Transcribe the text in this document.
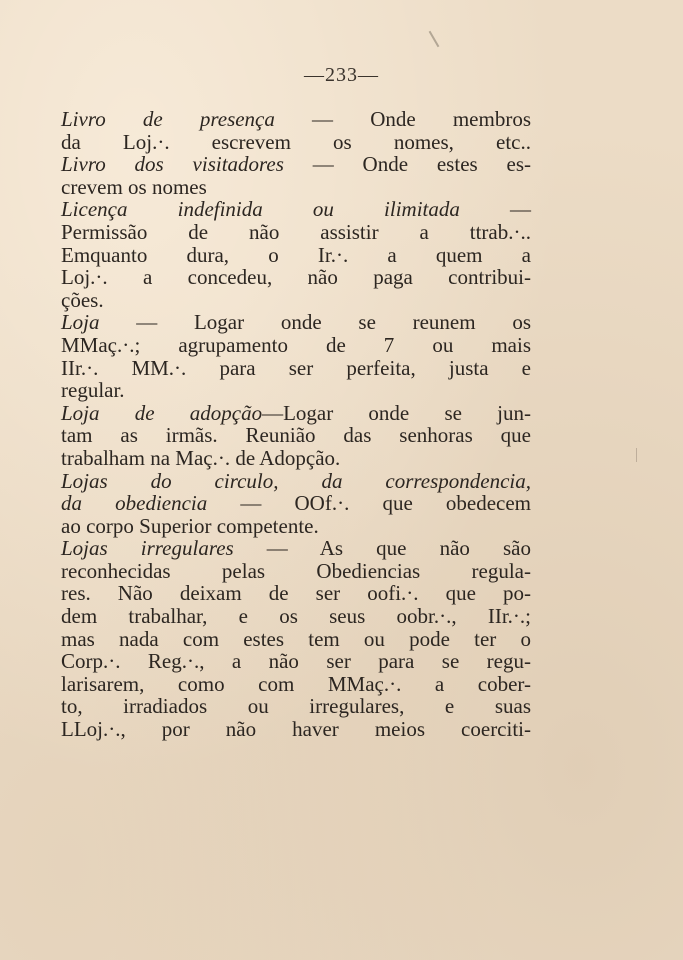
—233—
Livro de presença — Onde membros
da Loj.·. escrevem os nomes, etc..
Livro dos visitadores — Onde estes es-
crevem os nomes
Licença indefinida ou ilimitada —
Permissão de não assistir a ttrab.·..
Emquanto dura, o Ir.·. a quem a
Loj.·. a concedeu, não paga contribui-
ções.
Loja — Logar onde se reunem os
MMaç.·.; agrupamento de 7 ou mais
IIr.·. MM.·. para ser perfeita, justa e
regular.
Loja de adopção—Logar onde se jun-
tam as irmãs. Reunião das senhoras que
trabalham na Maç.·. de Adopção.
Lojas do circulo, da correspondencia,
da obediencia — OOf.·. que obedecem
ao corpo Superior competente.
Lojas irregulares — As que não são
reconhecidas pelas Obediencias regula-
res. Não deixam de ser oofi.·. que po-
dem trabalhar, e os seus oobr.·., IIr.·.;
mas nada com estes tem ou pode ter o
Corp.·. Reg.·., a não ser para se regu-
larisarem, como com MMaç.·. a cober-
to, irradiados ou irregulares, e suas
LLoj.·., por não haver meios coerciti-
